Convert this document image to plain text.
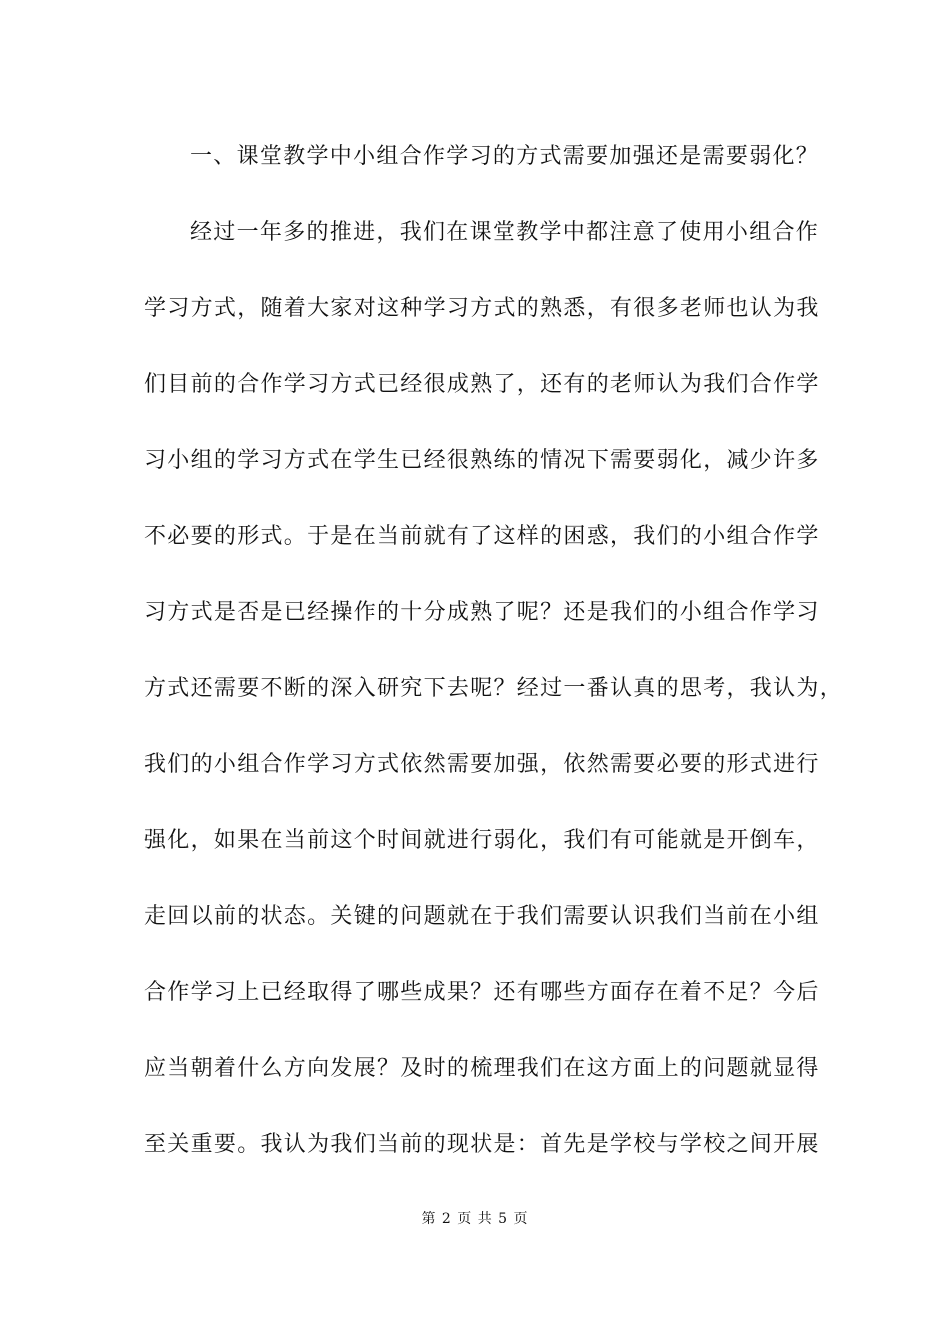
一、课堂教学中小组合作学习的方式需要加强还是需要弱化？
经过一年多的推进，我们在课堂教学中都注意了使用小组合作
学习方式，随着大家对这种学习方式的熟悉，有很多老师也认为我
们目前的合作学习方式已经很成熟了，还有的老师认为我们合作学
习小组的学习方式在学生已经很熟练的情况下需要弱化，减少许多
不必要的形式。于是在当前就有了这样的困惑，我们的小组合作学
习方式是否是已经操作的十分成熟了呢？还是我们的小组合作学习
方式还需要不断的深入研究下去呢？经过一番认真的思考，我认为，
我们的小组合作学习方式依然需要加强，依然需要必要的形式进行
强化，如果在当前这个时间就进行弱化，我们有可能就是开倒车，
走回以前的状态。关键的问题就在于我们需要认识我们当前在小组
合作学习上已经取得了哪些成果？还有哪些方面存在着不足？今后
应当朝着什么方向发展？及时的梳理我们在这方面上的问题就显得
至关重要。我认为我们当前的现状是：首先是学校与学校之间开展
第 2 页 共 5 页
